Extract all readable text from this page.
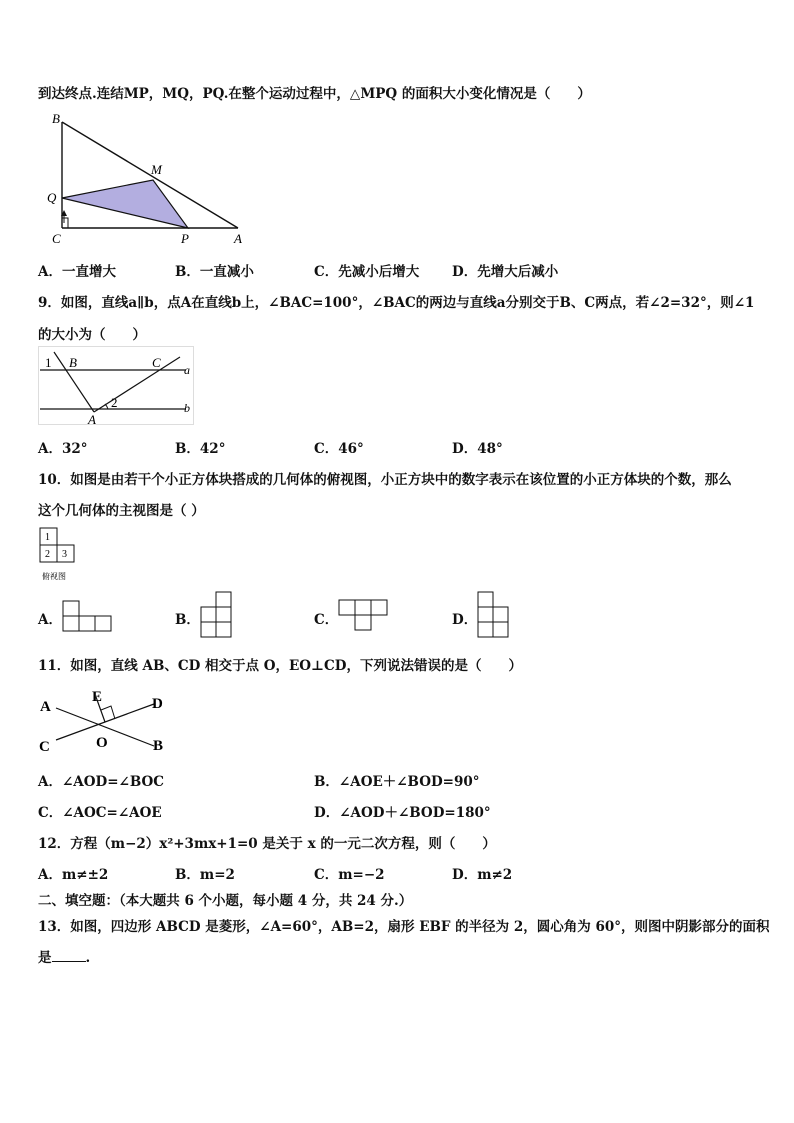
到达终点.连结MP，MQ，PQ.在整个运动过程中，△MPQ 的面积大小变化情况是（　　）
B
M
Q
C	P	A
A．一直增大	B．一直减小	C．先减小后增大 D．先增大后减小
9．如图，直线a∥b，点A在直线b上，∠BAC=100°，∠BAC的两边与直线a分别交于B、C两点，若∠2=32°，则∠1
的大小为（　　）
1 B	C a
A
2	b
A．32°	B．42°	C．46°	D．48°
10．如图是由若干个小正方体块搭成的几何体的俯视图，小正方块中的数字表示在该位置的小正方体块的个数，那么
这个几何体的主视图是（ ）
1
2 3
俯视图
A．	B．	C．	D．
11．如图，直线 AB、CD 相交于点 O，EO⊥CD，下列说法错误的是（　　）
A
E	D
C	O	B
A．∠AOD=∠BOC	B．∠AOE＋∠BOD=90°
C．∠AOC=∠AOE	D．∠AOD＋∠BOD=180°
12．方程（m−2）x²+3mx+1=0 是关于 x 的一元二次方程，则（　　）
A．m≠±2	B．m=2	C．m=−2	D．m≠2
二、填空题：（本大题共 6 个小题，每小题 4 分，共 24 分.）
13．如图，四边形 ABCD 是菱形，∠A=60°，AB=2，扇形 EBF 的半径为 2，圆心角为 60°，则图中阴影部分的面积
是	.
